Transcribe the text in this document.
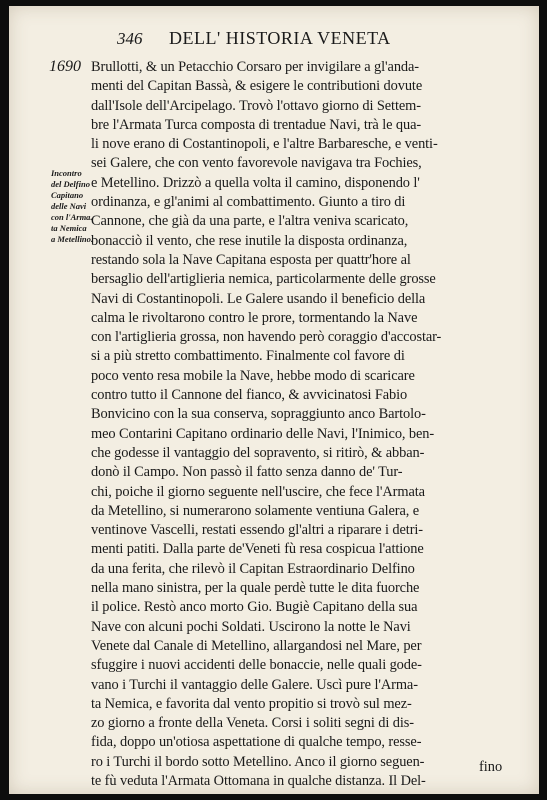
346	DELL' HISTORIA VENETA
1690
Incontro
del Delfino
Capitano
delle Navi
con l'Arma.
ta Nemica
a Metellino.
Brullotti, & un Petacchio Corsaro per invigilare a gl'anda-
menti del Capitan Bassà, & esigere le contributioni dovute
dall'Isole dell'Arcipelago. Trovò l'ottavo giorno di Settem-
bre l'Armata Turca composta di trentadue Navi, trà le qua-
li nove erano di Costantinopoli, e l'altre Barbaresche, e venti-
sei Galere, che con vento favorevole navigava tra Fochies,
e Metellino. Drizzò a quella volta il camino, disponendo l'
ordinanza, e gl'animi al combattimento. Giunto a tiro di
Cannone, che già da una parte, e l'altra veniva scaricato,
bonacciò il vento, che rese inutile la disposta ordinanza,
restando sola la Nave Capitana esposta per quattr'hore al
bersaglio dell'artiglieria nemica, particolarmente delle grosse
Navi di Costantinopoli. Le Galere usando il beneficio della
calma le rivoltarono contro le prore, tormentando la Nave
con l'artiglieria grossa, non havendo però coraggio d'accostar-
si a più stretto combattimento. Finalmente col favore di
poco vento resa mobile la Nave, hebbe modo di scaricare
contro tutto il Cannone del fianco, & avvicinatosi Fabio
Bonvicino con la sua conserva, sopraggiunto anco Bartolo-
meo Contarini Capitano ordinario delle Navi, l'Inimico, ben-
che godesse il vantaggio del sopravento, si ritirò, & abban-
donò il Campo. Non passò il fatto senza danno de' Tur-
chi, poiche il giorno seguente nell'uscire, che fece l'Armata
da Metellino, si numerarono solamente ventiuna Galera, e
ventinove Vascelli, restati essendo gl'altri a riparare i detri-
menti patiti. Dalla parte de'Veneti fù resa cospicua l'attione
da una ferita, che rilevò il Capitan Estraordinario Delfino
nella mano sinistra, per la quale perdè tutte le dita fuorche
il police. Restò anco morto Gio. Bugiè Capitano della sua
Nave con alcuni pochi Soldati. Uscirono la notte le Navi
Venete dal Canale di Metellino, allargandosi nel Mare, per
sfuggire i nuovi accidenti delle bonaccie, nelle quali gode-
vano i Turchi il vantaggio delle Galere. Uscì pure l'Arma-
ta Nemica, e favorita dal vento propitio si trovò sul mez-
zo giorno a fronte della Veneta. Corsi i soliti segni di dis-
fida, doppo un'otiosa aspettatione di qualche tempo, resse-
ro i Turchi il bordo sotto Metellino. Anco il giorno seguen-
te fù veduta l'Armata Ottomana in qualche distanza. Il Del-
fino
